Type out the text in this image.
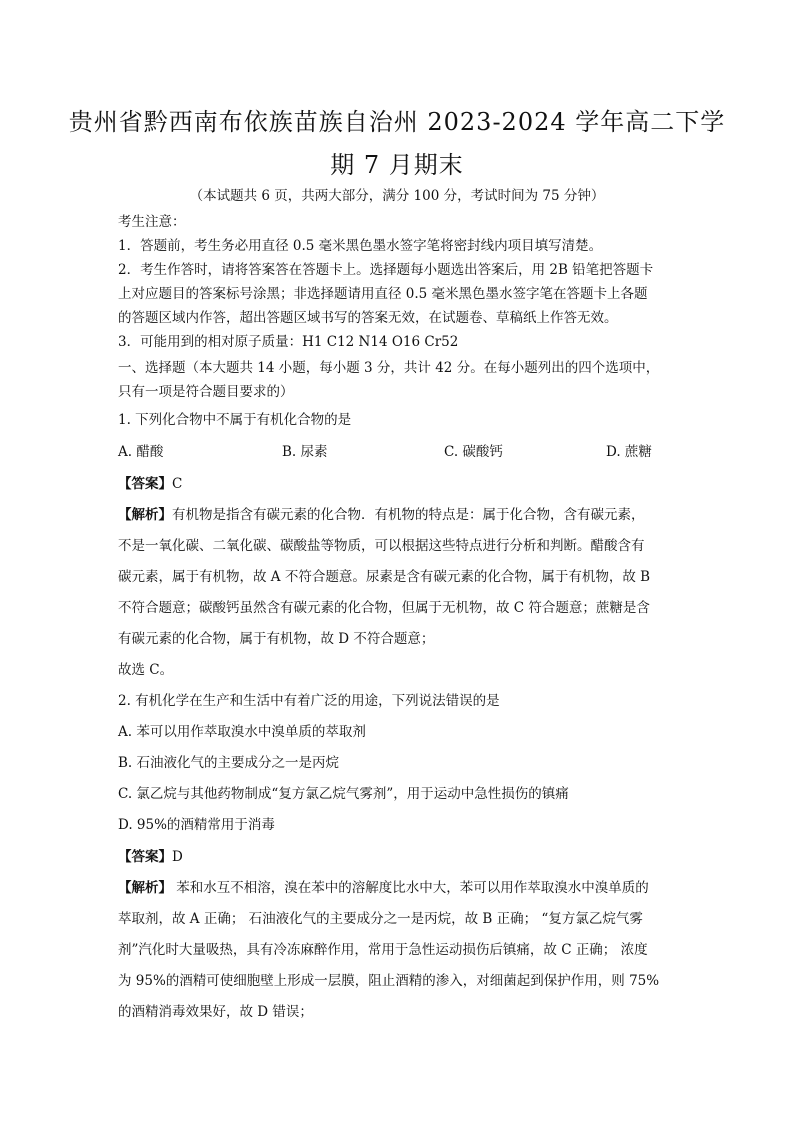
贵州省黔西南布依族苗族自治州 2023-2024 学年高二下学
期 7 月期末
（本试题共 6 页，共两大部分，满分 100 分，考试时间为 75 分钟）
考生注意：
1．答题前，考生务必用直径 0.5 毫米黑色墨水签字笔将密封线内项目填写清楚。
2．考生作答时，请将答案答在答题卡上。选择题每小题选出答案后，用 2B 铅笔把答题卡
上对应题目的答案标号涂黑；非选择题请用直径 0.5 毫米黑色墨水签字笔在答题卡上各题
的答题区域内作答，超出答题区域书写的答案无效，在试题卷、草稿纸上作答无效。
3．可能用到的相对原子质量：H1 C12 N14 O16 Cr52
一、选择题（本大题共 14 小题，每小题 3 分，共计 42 分。在每小题列出的四个选项中，
只有一项是符合题目要求的）
1. 下列化合物中不属于有机化合物的是
A. 醋酸	B. 尿素	C. 碳酸钙	D. 蔗糖
【答案】C
【解析】有机物是指含有碳元素的化合物．有机物的特点是：属于化合物，含有碳元素，
不是一氧化碳、二氧化碳、碳酸盐等物质，可以根据这些特点进行分析和判断。醋酸含有
碳元素，属于有机物，故 A 不符合题意。尿素是含有碳元素的化合物，属于有机物，故 B
不符合题意；碳酸钙虽然含有碳元素的化合物，但属于无机物，故 C 符合题意；蔗糖是含
有碳元素的化合物，属于有机物，故 D 不符合题意；
故选 C。
2. 有机化学在生产和生活中有着广泛的用途，下列说法错误的是
A. 苯可以用作萃取溴水中溴单质的萃取剂
B. 石油液化气的主要成分之一是丙烷
C. 氯乙烷与其他药物制成“复方氯乙烷气雾剂”，用于运动中急性损伤的镇痛
D. 95%的酒精常用于消毒
【答案】D
【解析】 苯和水互不相溶，溴在苯中的溶解度比水中大，苯可以用作萃取溴水中溴单质的
萃取剂，故 A 正确； 石油液化气的主要成分之一是丙烷，故 B 正确； “复方氯乙烷气雾
剂”汽化时大量吸热，具有冷冻麻醉作用，常用于急性运动损伤后镇痛，故 C 正确； 浓度
为 95%的酒精可使细胞壁上形成一层膜，阻止酒精的渗入，对细菌起到保护作用，则 75%
的酒精消毒效果好，故 D 错误；
